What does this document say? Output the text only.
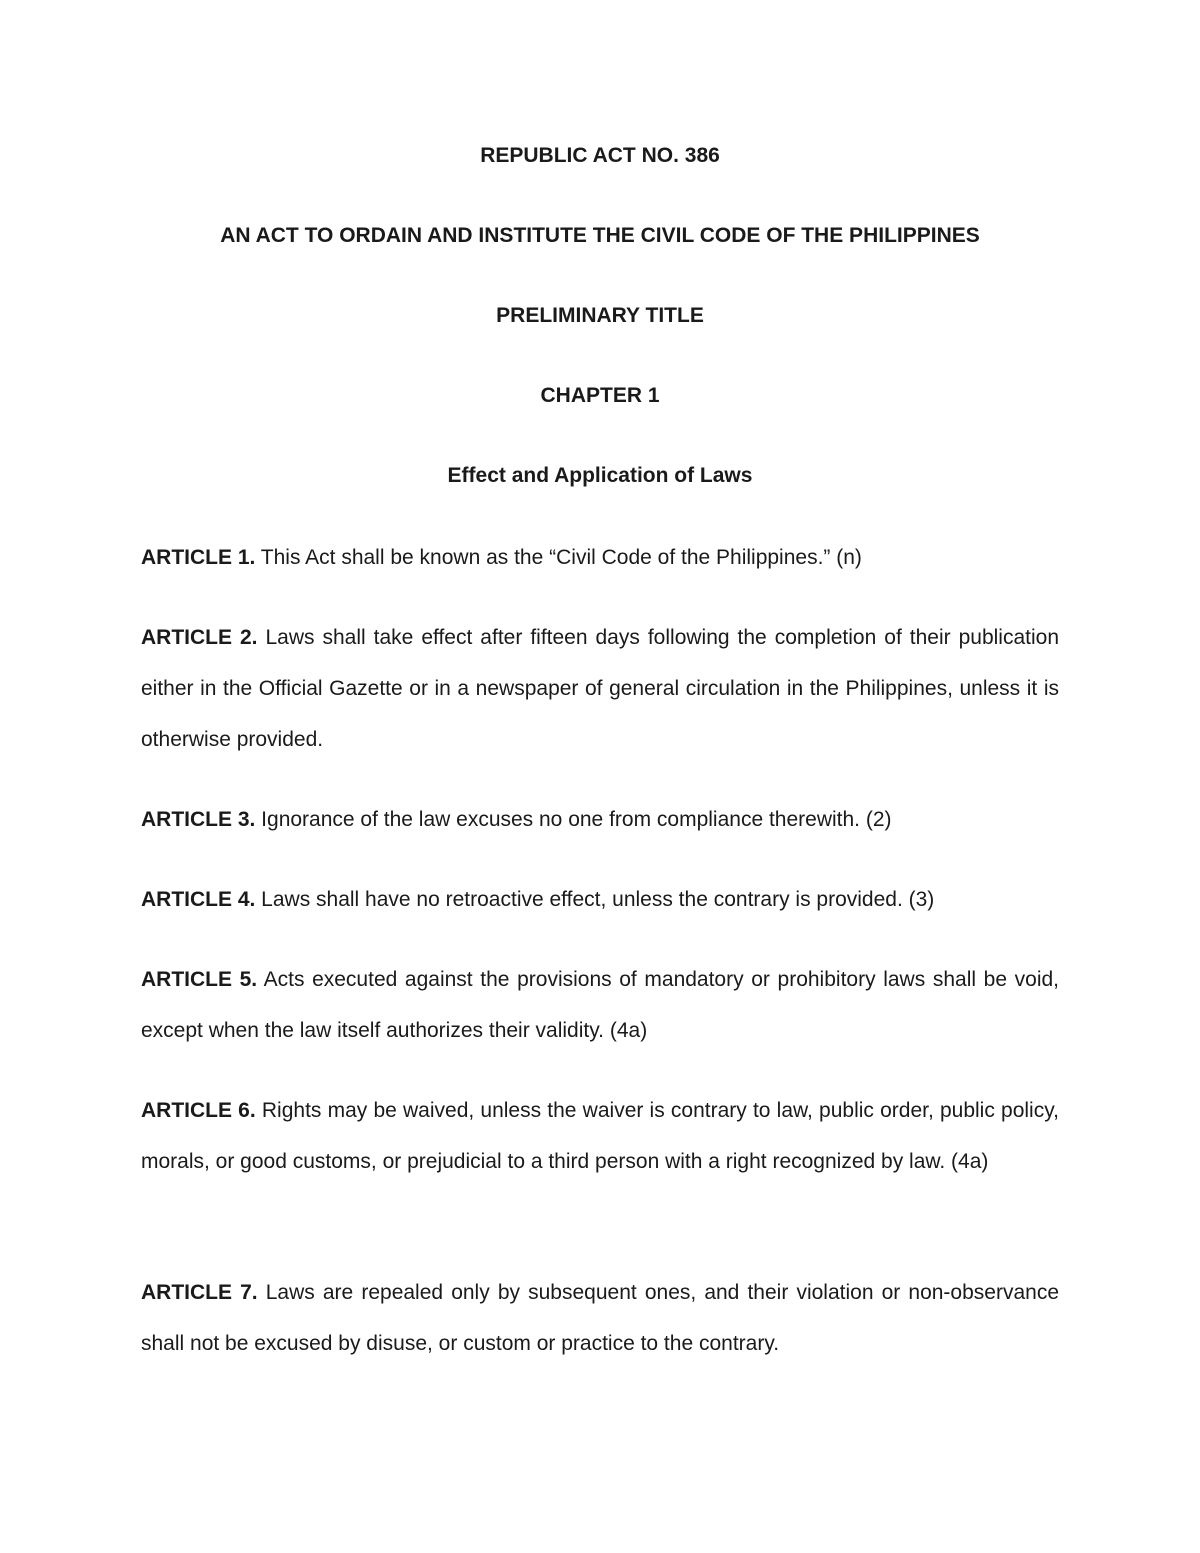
REPUBLIC ACT NO. 386

AN ACT TO ORDAIN AND INSTITUTE THE CIVIL CODE OF THE PHILIPPINES

PRELIMINARY TITLE

CHAPTER 1

Effect and Application of Laws

ARTICLE 1. This Act shall be known as the “Civil Code of the Philippines.” (n)

ARTICLE 2. Laws shall take effect after fifteen days following the completion of their publication either in the Official Gazette or in a newspaper of general circulation in the Philippines, unless it is otherwise provided.

ARTICLE 3. Ignorance of the law excuses no one from compliance therewith. (2)

ARTICLE 4. Laws shall have no retroactive effect, unless the contrary is provided. (3)

ARTICLE 5. Acts executed against the provisions of mandatory or prohibitory laws shall be void, except when the law itself authorizes their validity. (4a)

ARTICLE 6. Rights may be waived, unless the waiver is contrary to law, public order, public policy, morals, or good customs, or prejudicial to a third person with a right recognized by law. (4a)

ARTICLE 7. Laws are repealed only by subsequent ones, and their violation or non-observance shall not be excused by disuse, or custom or practice to the contrary.
